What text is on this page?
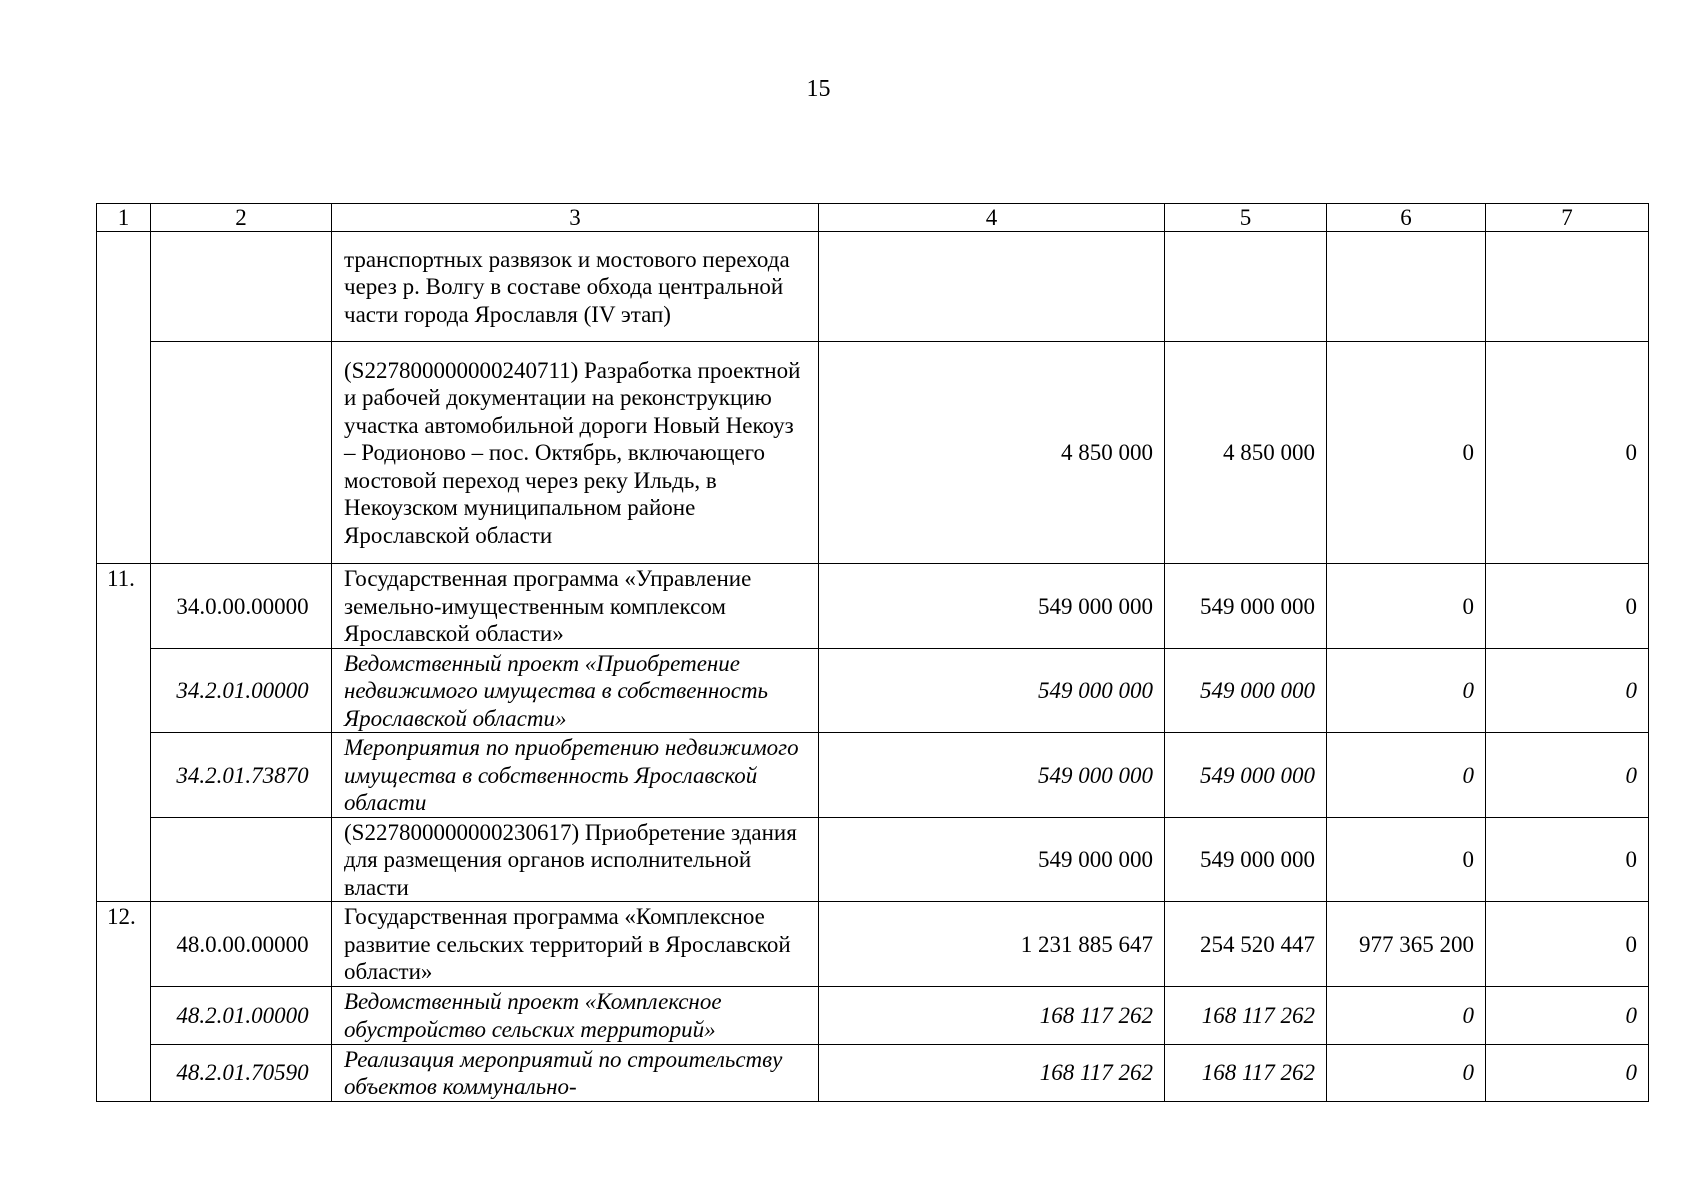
15
1	2	3	4	5	6	7
		транспортных развязок и мостового перехода через р. Волгу в составе обхода центральной части города Ярославля (IV этап)				
		(S227800000000240711) Разработка проектной и рабочей документации на реконструкцию участка автомобильной дороги Новый Некоуз – Родионово – пос. Октябрь, включающего мостовой переход через реку Ильдь, в Некоузском муниципальном районе Ярославской области	4 850 000	4 850 000	0	0
11.	34.0.00.00000	Государственная программа «Управление земельно-имущественным комплексом Ярославской области»	549 000 000	549 000 000	0	0
	34.2.01.00000	Ведомственный проект «Приобретение недвижимого имущества в собственность Ярославской области»	549 000 000	549 000 000	0	0
	34.2.01.73870	Мероприятия по приобретению недвижимого имущества в собственность Ярославской области	549 000 000	549 000 000	0	0
		(S227800000000230617) Приобретение здания для размещения органов исполнительной власти	549 000 000	549 000 000	0	0
12.	48.0.00.00000	Государственная программа «Комплексное развитие сельских территорий в Ярославской области»	1 231 885 647	254 520 447	977 365 200	0
	48.2.01.00000	Ведомственный проект «Комплексное обустройство сельских территорий»	168 117 262	168 117 262	0	0
	48.2.01.70590	Реализация мероприятий по строительству объектов коммунально-	168 117 262	168 117 262	0	0
